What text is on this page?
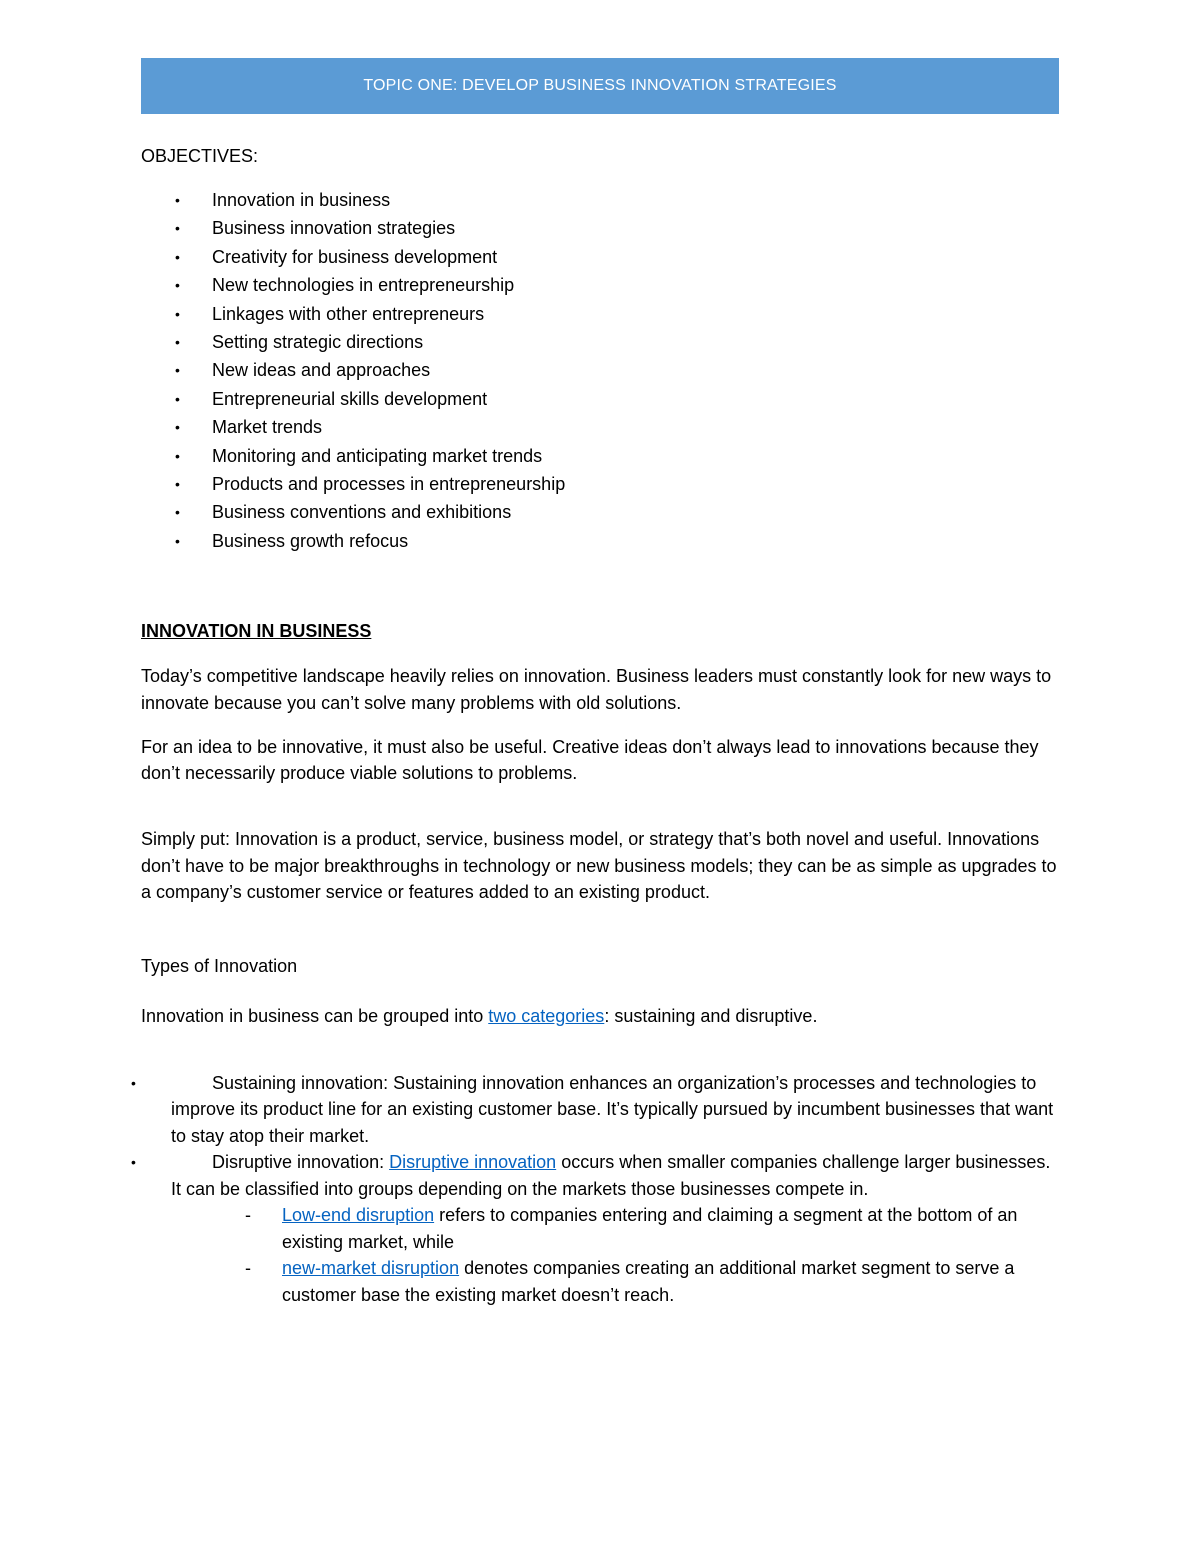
TOPIC ONE: DEVELOP BUSINESS INNOVATION STRATEGIES
OBJECTIVES:
• Innovation in business
• Business innovation strategies
• Creativity for business development
• New technologies in entrepreneurship
• Linkages with other entrepreneurs
• Setting strategic directions
• New ideas and approaches
• Entrepreneurial skills development
• Market trends
• Monitoring and anticipating market trends
• Products and processes in entrepreneurship
• Business conventions and exhibitions
• Business growth refocus
INNOVATION IN BUSINESS

Today’s competitive landscape heavily relies on innovation. Business leaders must constantly look for new ways to innovate because you can’t solve many problems with old solutions.

For an idea to be innovative, it must also be useful. Creative ideas don’t always lead to innovations because they don’t necessarily produce viable solutions to problems.

Simply put: Innovation is a product, service, business model, or strategy that’s both novel and useful. Innovations don’t have to be major breakthroughs in technology or new business models; they can be as simple as upgrades to a company’s customer service or features added to an existing product.

Types of Innovation
Innovation in business can be grouped into two categories: sustaining and disruptive.
•	Sustaining innovation: Sustaining innovation enhances an organization’s processes and technologies to improve its product line for an existing customer base. It’s typically pursued by incumbent businesses that want to stay atop their market.
•	Disruptive innovation: Disruptive innovation occurs when smaller companies challenge larger businesses. It can be classified into groups depending on the markets those businesses compete in.
- Low-end disruption refers to companies entering and claiming a segment at the bottom of an existing market, while
- new-market disruption denotes companies creating an additional market segment to serve a customer base the existing market doesn’t reach.
